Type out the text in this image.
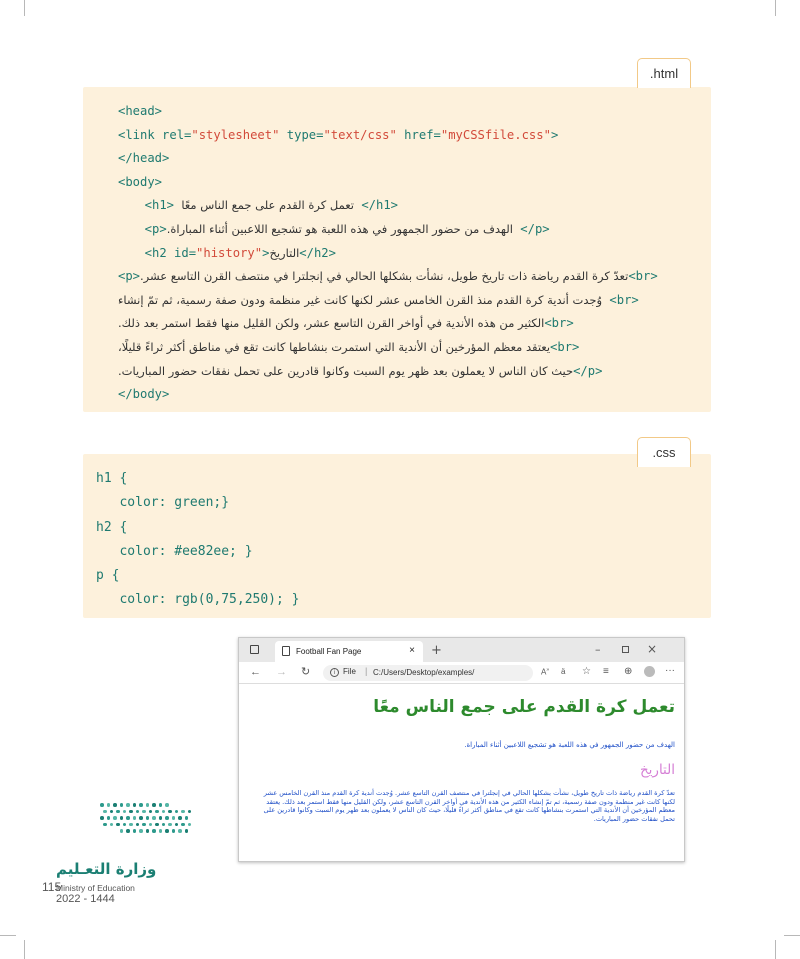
.html
<head>
<link rel="stylesheet" type="text/css" href="myCSSfile.css">
</head>
<body>
<h1> تعمل كرة القدم على جمع الناس معًا </h1>
<p>الهدف من حضور الجمهور في هذه اللعبة هو تشجيع اللاعبين أثناء المباراة. </p>
<h2 id="history">التاريخ</h2>
<p>تعدّ كرة القدم رياضة ذات تاريخ طويل، نشأت بشكلها الحالي في إنجلترا في منتصف القرن التاسع عشر.<br>
وُجدت أندية كرة القدم منذ القرن الخامس عشر لكنها كانت غير منظمة ودون صفة رسمية، ثم تمّ إنشاء <br>
الكثير من هذه الأندية في أواخر القرن التاسع عشر، ولكن القليل منها فقط استمر بعد ذلك.<br>
يعتقد معظم المؤرخين أن الأندية التي استمرت بنشاطها كانت تقع في مناطق أكثر ثراءً قليلًا،<br>
حيث كان الناس لا يعملون بعد ظهر يوم السبت وكانوا قادرين على تحمل نفقات حضور المباريات.</p>
</body>
.css
h1 {
color: green;}
h2 {
color: #ee82ee; }
p {
color: rgb(0,75,250); }
Football Fan Page	× +	–	×
← → ↻	i File | C:/Users/Desktop/examples/	A» ä ☆ ≡ ⊕	···
تعمل كرة القدم على جمع الناس معًا
الهدف من حضور الجمهور في هذه اللعبة هو تشجيع اللاعبين أثناء المباراة.
التاريخ
تعدّ كرة القدم رياضة ذات تاريخ طويل، نشأت بشكلها الحالي في إنجلترا في منتصف القرن التاسع عشر. وُجدت أندية كرة القدم منذ القرن الخامس عشر لكنها كانت غير منظمة ودون صفة رسمية، ثم تمّ إنشاء الكثير من هذه الأندية في أواخر القرن التاسع عشر، ولكن القليل منها فقط استمر بعد ذلك. يعتقد معظم المؤرخين أن الأندية التي استمرت بنشاطها كانت تقع في مناطق أكثر ثراءً قليلًا، حيث كان الناس لا يعملون بعد ظهر يوم السبت وكانوا قادرين على تحمل نفقات حضور المباريات.
وزارة التعـليم
115
Ministry of Education
2022 - 1444
